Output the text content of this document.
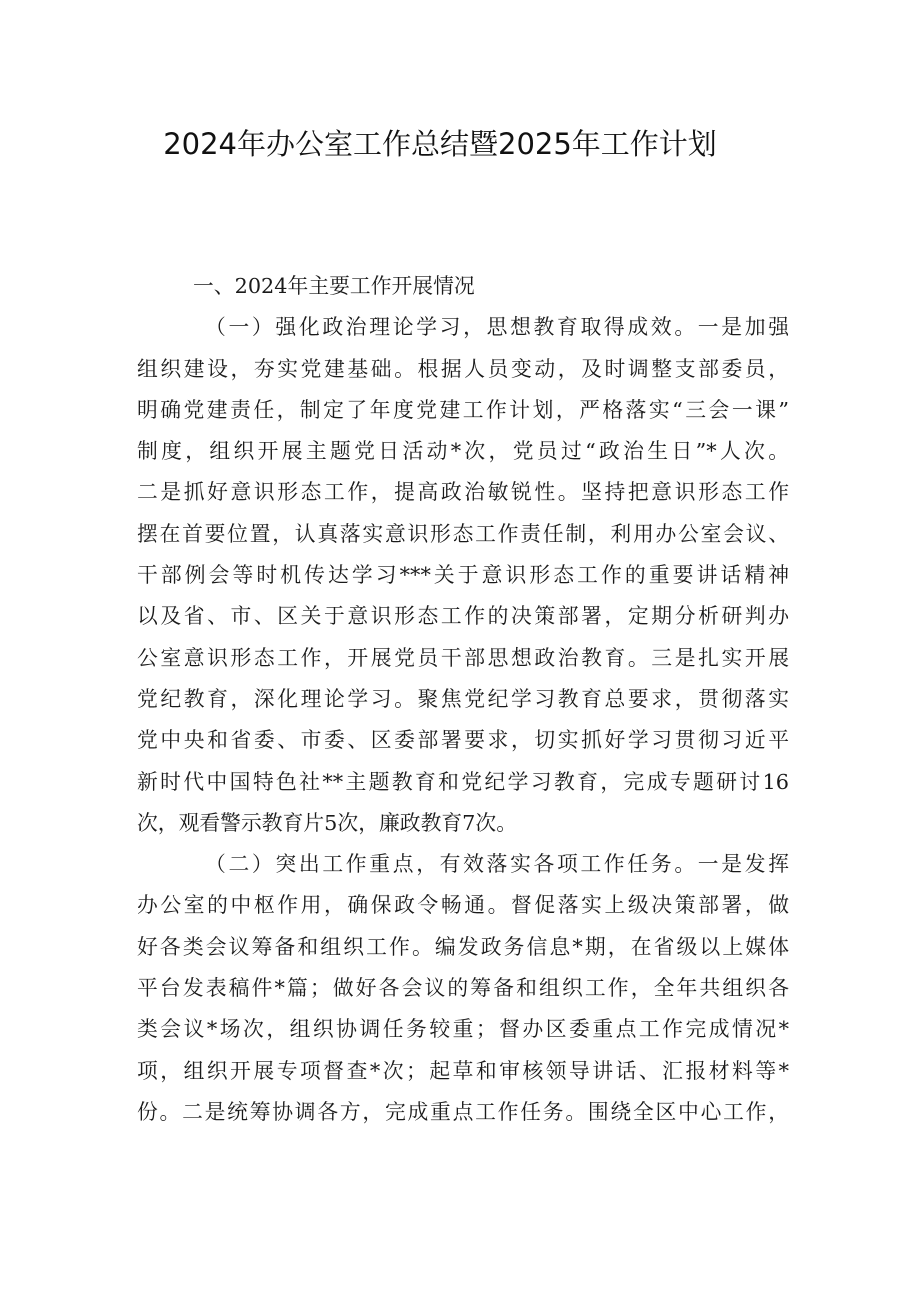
2024年办公室工作总结暨2025年工作计划
一、2024年主要工作开展情况
（一）强化政治理论学习，思想教育取得成效。一是加强
组织建设，夯实党建基础。根据人员变动，及时调整支部委员，
明确党建责任，制定了年度党建工作计划，严格落实“三会一课”
制度，组织开展主题党日活动*次，党员过“政治生日”*人次。
二是抓好意识形态工作，提高政治敏锐性。坚持把意识形态工作
摆在首要位置，认真落实意识形态工作责任制，利用办公室会议、
干部例会等时机传达学习***关于意识形态工作的重要讲话精神
以及省、市、区关于意识形态工作的决策部署，定期分析研判办
公室意识形态工作，开展党员干部思想政治教育。三是扎实开展
党纪教育，深化理论学习。聚焦党纪学习教育总要求，贯彻落实
党中央和省委、市委、区委部署要求，切实抓好学习贯彻习近平
新时代中国特色社**主题教育和党纪学习教育，完成专题研讨16
次，观看警示教育片5次，廉政教育7次。
（二）突出工作重点，有效落实各项工作任务。一是发挥
办公室的中枢作用，确保政令畅通。督促落实上级决策部署，做
好各类会议筹备和组织工作。编发政务信息*期，在省级以上媒体
平台发表稿件*篇；做好各会议的筹备和组织工作，全年共组织各
类会议*场次，组织协调任务较重；督办区委重点工作完成情况*
项，组织开展专项督查*次；起草和审核领导讲话、汇报材料等*
份。二是统筹协调各方，完成重点工作任务。围绕全区中心工作，
